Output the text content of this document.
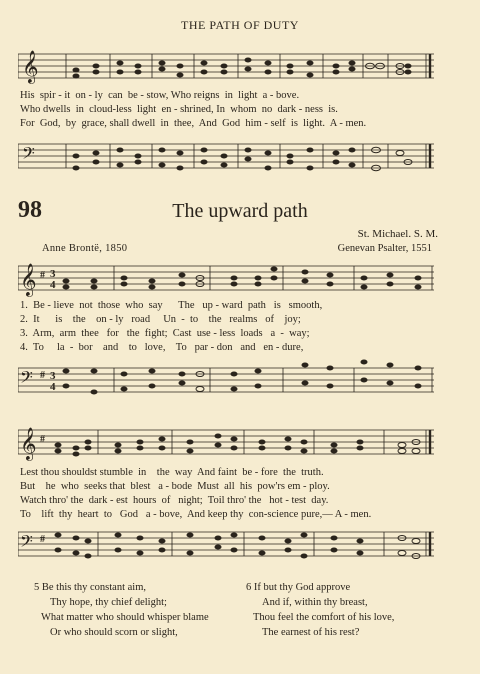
THE PATH OF DUTY
𝄞
His  spir - it  on - ly  can  be - stow, Who reigns  in  light  a - bove.
Who dwells  in  cloud-less  light  en - shrined, In  whom  no  dark - ness  is.
For  God,  by  grace, shall dwell  in  thee,  And  God  him - self  is  light.  A - men.
𝄢
98	The upward path
St. Michael. S. M.
Anne Brontë, 1850	Genevan Psalter, 1551
𝄞 # 3
4
1.  Be - lieve  not  those  who  say      The   up - ward  path   is   smooth,
2.  It      is    the    on - ly   road     Un  -  to    the   realms   of    joy;
3.  Arm,  arm  thee   for   the  fight;  Cast  use - less  loads   a  -  way;
4.  To     la  -  bor    and    to   love,    To   par - don   and   en - dure,
𝄢 # 3
4
𝄞 #
Lest thou shouldst stumble  in    the  way  And faint  be - fore  the  truth.
But    he  who  seeks that  blest   a - bode  Must  all  his  pow'rs em - ploy.
Watch thro' the  dark - est  hours  of   night;  Toil thro' the   hot - test  day.
To    lift  thy  heart  to   God   a - bove,  And keep thy  con-science pure,— A - men.
𝄢 #
5 Be this thy constant aim,
Thy hope, thy chief delight;
What matter who should whisper blame
Or who should scorn or slight,
6 If but thy God approve
And if, within thy breast,
Thou feel the comfort of his love,
The earnest of his rest?
